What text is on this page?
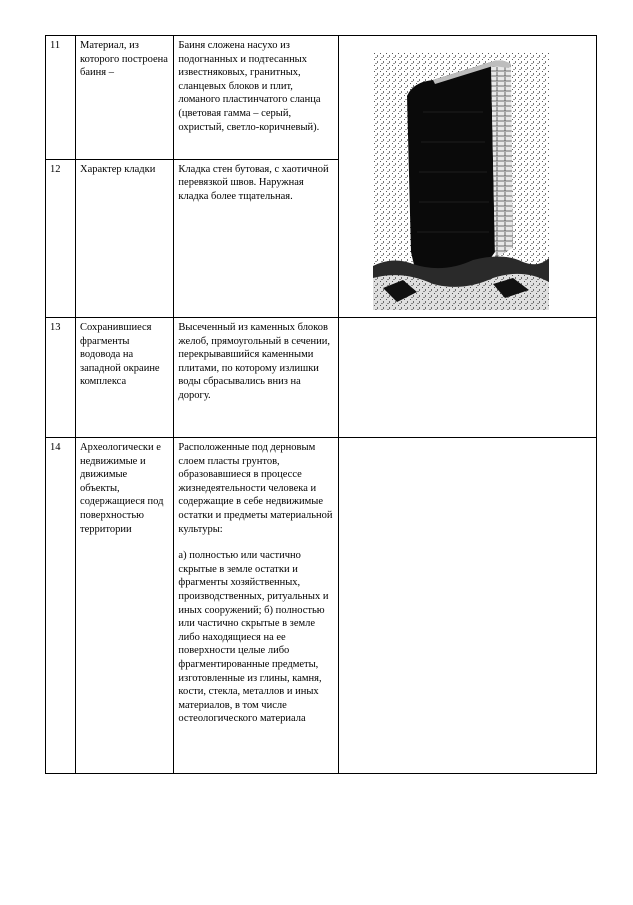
11	Материал, из которого построена баиня –	Баиня сложена насухо из подогнанных и подтесанных известняковых, гранитных, сланцевых блоков и плит, ломаного пластинчатого сланца (цветовая гамма – серый, охристый, светло-коричневый).	

12	Характер кладки	Кладка стен бутовая, с хаотичной перевязкой швов. Наружная кладка более тщательная.	
13	Сохранившиеся фрагменты водовода на западной окраине комплекса	Высеченный из каменных блоков желоб, прямоугольный в сечении, перекрывавшийся каменными плитами, по которому излишки воды сбрасывались вниз на дорогу.	
14	Археологически е недвижимые и движимые объекты, содержащиеся под поверхностью территории	Расположенные под дерновым слоем пласты грунтов, образовавшиеся в процессе жизнедеятельности человека и содержащие в себе недвижимые остатки и предметы материальной культуры:

а) полностью или частично скрытые в земле остатки и фрагменты хозяйственных, производственных, ритуальных и иных сооружений; б) полностью или частично скрытые в земле либо находящиеся на ее поверхности целые либо фрагментированные предметы, изготовленные из глины, камня, кости, стекла, металлов и иных материалов, в том числе остеологического материала	
